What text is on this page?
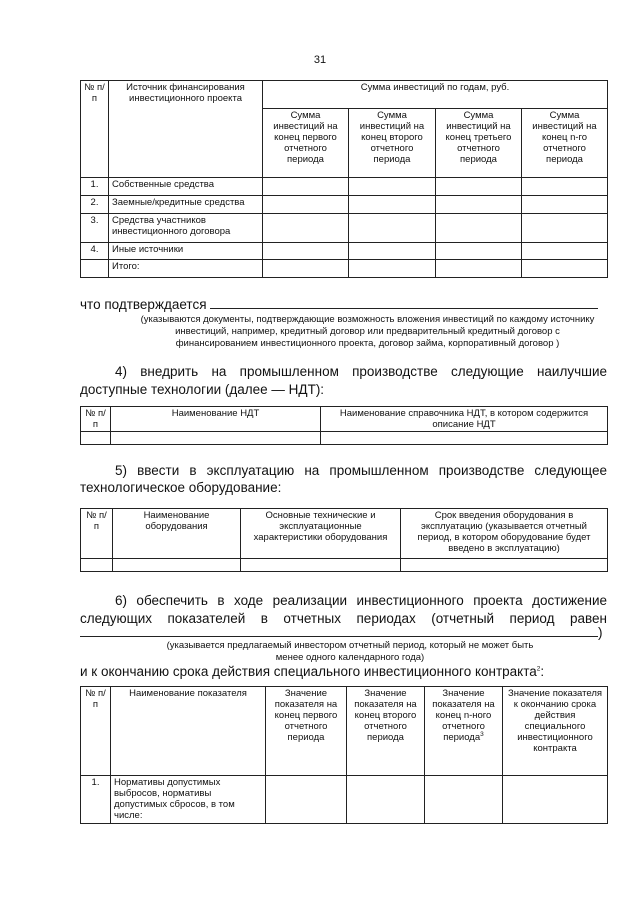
31
№ п/п	Источник финансирования инвестиционного проекта	Сумма инвестиций по годам, руб.			
		Сумма инвестиций на конец первого отчетного периода	Сумма инвестиций на конец второго отчетного периода	Сумма инвестиций на конец третьего отчетного периода	Сумма инвестиций на конец n-го отчетного периода
1.	Собственные средства				
2.	Заемные/кредитные средства				
3.	Средства участников инвестиционного договора				
4.	Иные источники				
	Итого:				
что подтверждается
(указываются документы, подтверждающие возможность вложения инвестиций по каждому источнику инвестиций, например, кредитный договор или предварительный кредитный договор с финансированием инвестиционного проекта, договор займа, корпоративный договор )
4) внедрить на промышленном производстве следующие наилучшие
доступные технологии (далее — НДТ):
№ п/п	Наименование НДТ	Наименование справочника НДТ, в котором содержится описание НДТ

5) ввести в эксплуатацию на промышленном производстве следующее
технологическое оборудование:
№ п/п	Наименование оборудования	Основные технические и эксплуатационные характеристики оборудования	Срок введения оборудования в эксплуатацию (указывается отчетный период, в котором оборудование будет введено в эксплуатацию)

6) обеспечить в ходе реализации инвестиционного проекта достижение
следующих показателей в отчетных периодах (отчетный период равен
)
(указывается предлагаемый инвестором отчетный период, который не может быть менее одного календарного года)
и к окончанию срока действия специального инвестиционного контракта$^2$:
№ п/п	Наименование показателя	Значение показателя на конец первого отчетного периода	Значение показателя на конец второго отчетного периода	Значение показателя на конец n-ного отчетного периода$^3$	Значение показателя к окончанию срока действия специального инвестиционного контракта
1.	Нормативы допустимых выбросов, нормативы допустимых сбросов, в том числе:				
